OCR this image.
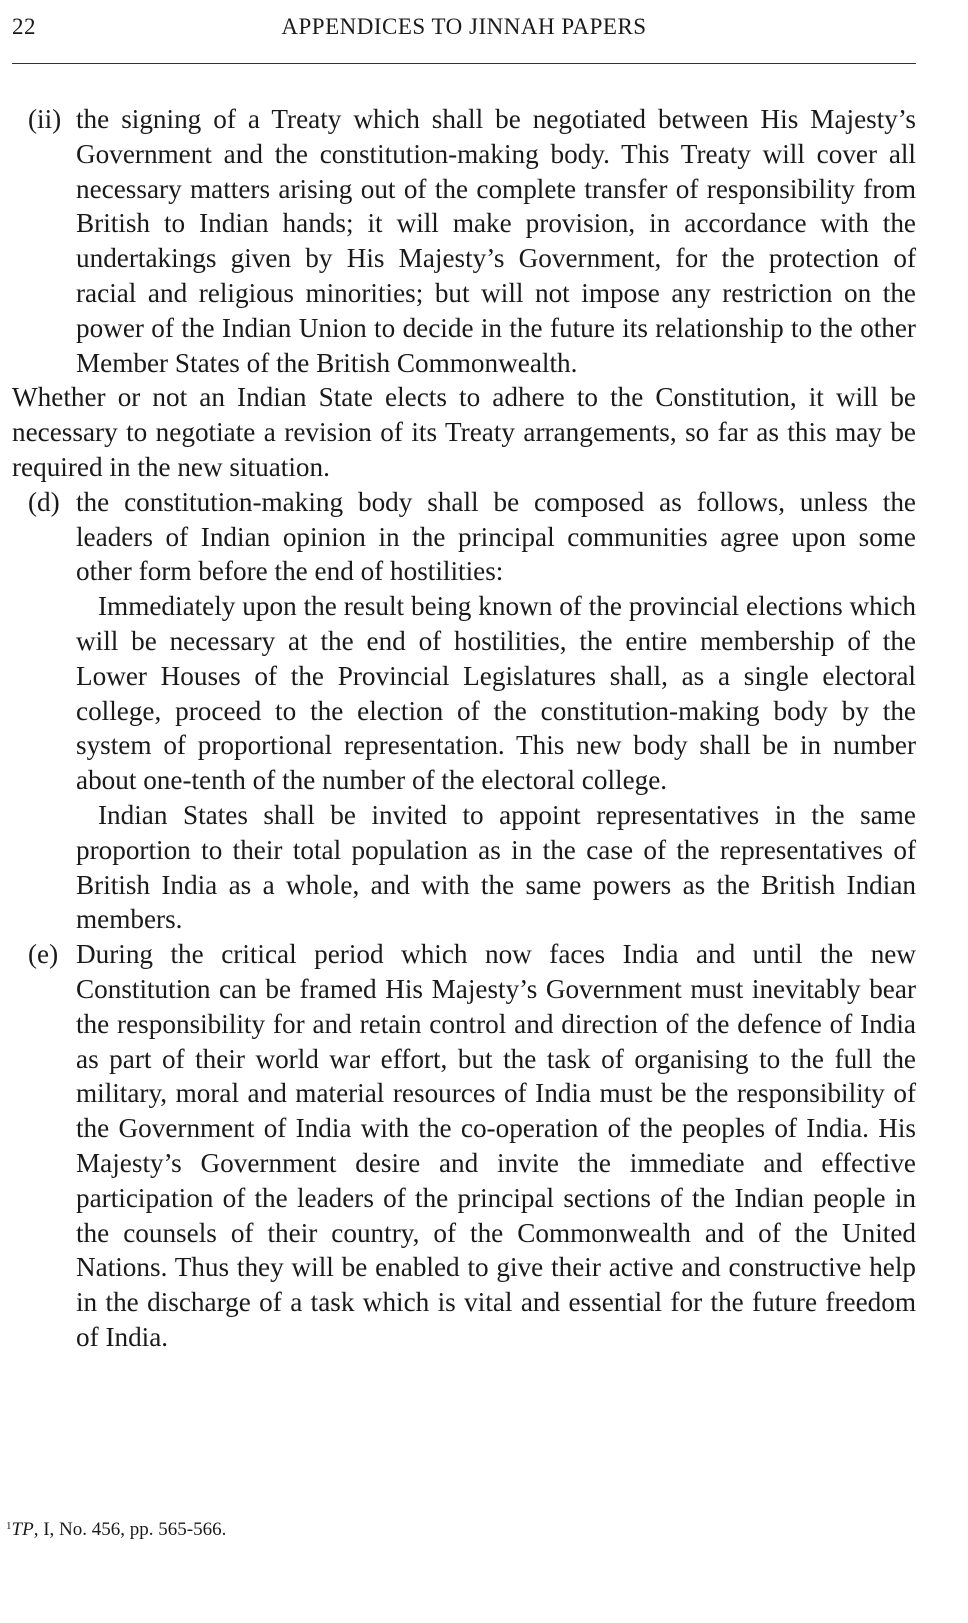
22	APPENDICES TO JINNAH PAPERS
(ii) the signing of a Treaty which shall be negotiated between His Majesty’s Government and the constitution-making body. This Treaty will cover all necessary matters arising out of the complete transfer of responsibility from British to Indian hands; it will make provision, in accordance with the undertakings given by His Majesty’s Government, for the protection of racial and religious minorities; but will not impose any restriction on the power of the Indian Union to decide in the future its relationship to the other Member States of the British Commonwealth.

Whether or not an Indian State elects to adhere to the Constitution, it will be necessary to negotiate a revision of its Treaty arrangements, so far as this may be required in the new situation.

(d) the constitution-making body shall be composed as follows, unless the leaders of Indian opinion in the principal communities agree upon some other form before the end of hostilities:

Immediately upon the result being known of the provincial elections which will be necessary at the end of hostilities, the entire membership of the Lower Houses of the Provincial Legislatures shall, as a single electoral college, proceed to the election of the constitution-making body by the system of proportional representation. This new body shall be in number about one-tenth of the number of the electoral college.

Indian States shall be invited to appoint representatives in the same proportion to their total population as in the case of the representatives of British India as a whole, and with the same powers as the British Indian members.

(e) During the critical period which now faces India and until the new Constitution can be framed His Majesty’s Government must inevitably bear the responsibility for and retain control and direction of the defence of India as part of their world war effort, but the task of organising to the full the military, moral and material resources of India must be the responsibility of the Government of India with the co-operation of the peoples of India. His Majesty’s Government desire and invite the immediate and effective participation of the leaders of the principal sections of the Indian people in the counsels of their country, of the Commonwealth and of the United Nations. Thus they will be enabled to give their active and constructive help in the discharge of a task which is vital and essential for the future freedom of India.

$^1$TP, I, No. 456, pp. 565-566.
